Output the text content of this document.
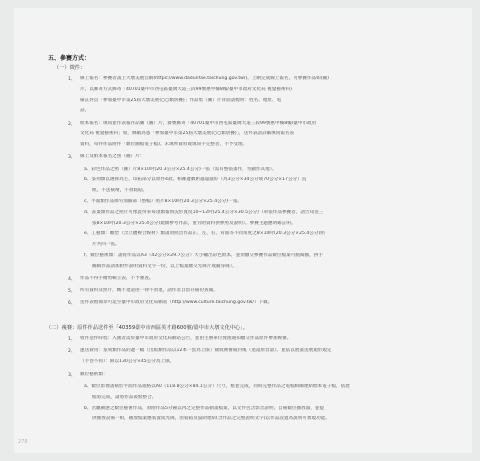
五、參賽方式：
（一）徵件：
1、 線上報名：參賽者請上大墩美展官網(https://www.dadunfae.taichung.gov.tw/)，上網完成線上報名，另參賽作品如(圖)
片，以郵寄方式郵寄「40701臺中市西屯區臺灣大道三段99號惠中樓8樓/臺中市政府文化局 視覺藝術科)
備註封頁「參加臺中市第25屆大墩美展(○○類別賽)」作品集（圖）片背面請標明：姓名、地址、電
話。
2、 紙本報名：填寫並作表報作品圖（圖）片，掛號郵寄「40701臺中市西屯區臺灣大道三段99號惠中樓8樓/臺中市政府
文化局 視覺藝術科」收，郵戳為憑「參加臺中市第25屆大墩美展(○○類別賽)」，送件表請詳細填寫報名表
資料，每件作品附件「數位圖檔電子檔)。未填齊資料或填寫不完整者，不予受理。
3、 線上及紙本報名之照（圖）片：
a、彩色作品之照（圖）片8×10吋(20.3公分×25.4公分)一張（需有整張畫作，勿顯作其他）。
b、篆刻類以選擇為主，印拓部分以原件4款、相鄰邊數距越遠越好（為3公分×34公分或70公分×17公分）直
紙，不送裱褙，不須黏貼。
c、平面類作品擇另加細部（整幅）照片8×10吋(20.3公分×25.4公分)一張。
d、書畫類作品之照片可像此得來每項類報情況形寬度10~12吋(25.4公分×30.5公分)（單張作品參賽者，請告知送三
張8×10吋(20.3公分×25.4公分)規類參考作品，並另附資料供參照及說明）。參賽主題應明確註明。
e、工藝類：雕塑（含立體複合媒材）類請須照出作品正、左、右、背面等不同角度之8×10吋(20.3公分×25.4公分)照
片共四一張。
f、數位藝術類：請將作品以A3（42公分×29.7公分）大小輸出彩色紙本，並須繳交參賽作品數位檔案可點閱播，拼手
圖稿作品請加附件說明資料文字一份，以上檔案繳交光碟片或隨身碟）。
4、 作品不得手繪剪輯立表，不予審查。
5、 所有資料及照片，概不退還由一律不須退，請作者自留存備份查閱。
6、 送件表暨簡章可逕至臺中市政府文化局網站（http://www.culture.taichung.gov.tw/）下載。
（二）複賽：原件作品送件至「40359臺中市西區英才路600號/臺中市大墩文化中心」。
1、 收件送件時程：入圍者需於臺中市政府文化局網站公告，並由主辦單位發函通知繳交作品原件參加複審。
2、 運送費用：篆刻類作品的邊一幅（出版類作品以12本一套為上限）徵收複審開封後（退還原容量）。並依以展畫送展規形規定
（手卷不拘）：限以130公分×45公分為上限。
3、 數位藝術類：
a、數位影像請裱於平面作品規格以A0（118.8公分×84.1公分）尺寸，框並完成，同時完整作品之電檔相關連結標本電子檔，依建
檔將完成，請將作品裝框整合。
b、若屬動態之數位藝術作品，須附作品5分鐘以內之完整作品動畫檔案，以文件包含影音說明，自備數位播放器，並提
供播放設備一組，播放檔案應裝置成光碟，由裝箱及協助連結(含作品之完整說明文字)以作品設置為說明可實現功能。
278
